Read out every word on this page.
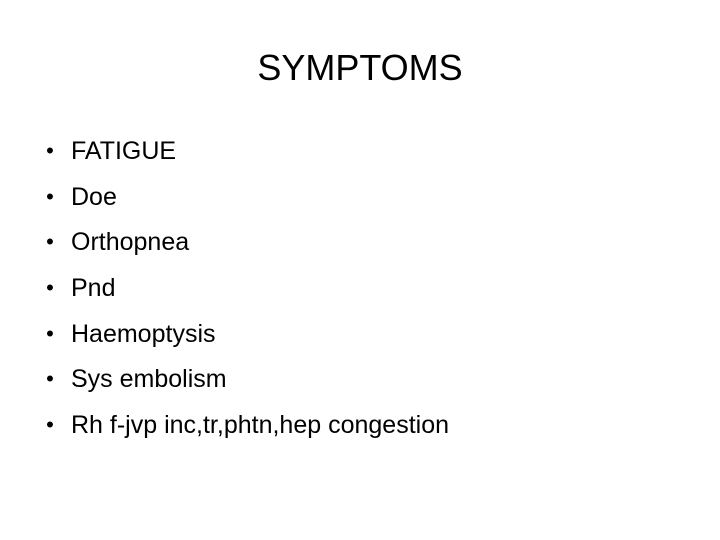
SYMPTOMS
• FATIGUE
• Doe
• Orthopnea
• Pnd
• Haemoptysis
• Sys embolism
• Rh f-jvp inc,tr,phtn,hep congestion
